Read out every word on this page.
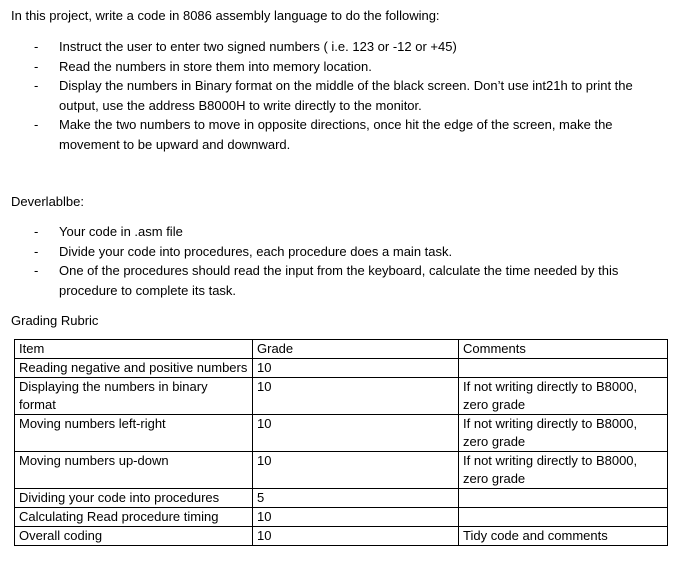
In this project, write a code in 8086 assembly language to do the following:
- Instruct the user to enter two signed numbers ( i.e. 123 or -12 or +45)
- Read the numbers in store them into memory location.
- Display the numbers in Binary format on the middle of the black screen. Don’t use int21h to print the output, use the address B8000H to write directly to the monitor.
- Make the two numbers to move in opposite directions, once hit the edge of the screen, make the movement to be upward and downward.
Deverlablbe:
- Your code in .asm file
- Divide your code into procedures, each procedure does a main task.
- One of the procedures should read the input from the keyboard, calculate the time needed by this procedure to complete its task.
Grading Rubric
Item	Grade	Comments
Reading negative and positive numbers	10	
Displaying the numbers in binary format	10	If not writing directly to B8000, zero grade
Moving numbers left-right	10	If not writing directly to B8000, zero grade
Moving numbers up-down	10	If not writing directly to B8000, zero grade
Dividing your code into procedures	5	
Calculating Read procedure timing	10	
Overall coding	10	Tidy code and comments
